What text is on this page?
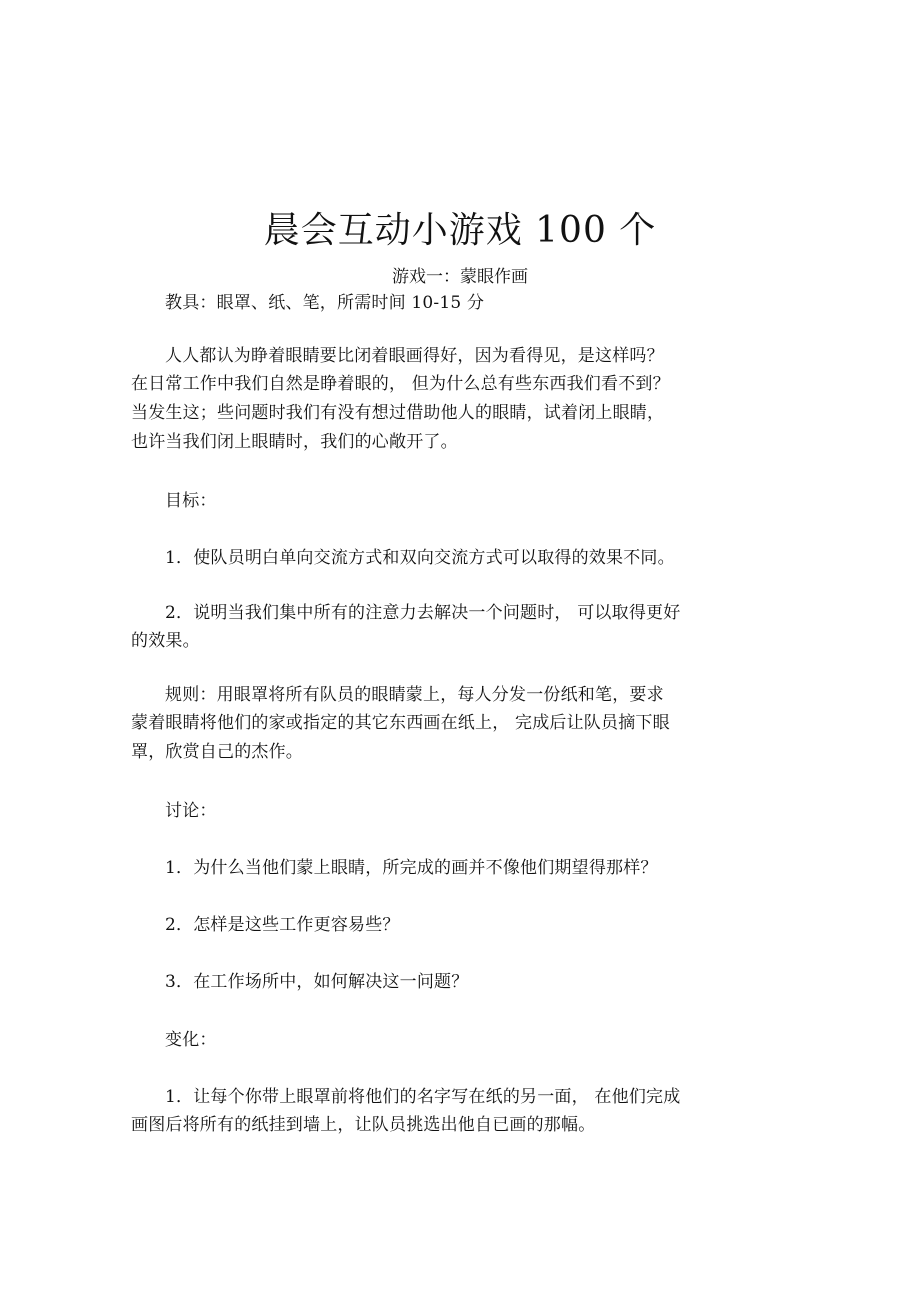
晨会互动小游戏 100 个
游戏一：蒙眼作画
教具：眼罩、纸、笔，所需时间 10-15 分
人人都认为睁着眼睛要比闭着眼画得好，因为看得见，是这样吗？
在日常工作中我们自然是睁着眼的， 但为什么总有些东西我们看不到？
当发生这；些问题时我们有没有想过借助他人的眼睛，试着闭上眼睛，
也许当我们闭上眼睛时，我们的心敞开了。
目标：
1．使队员明白单向交流方式和双向交流方式可以取得的效果不同。
2．说明当我们集中所有的注意力去解决一个问题时， 可以取得更好
的效果。
规则：用眼罩将所有队员的眼睛蒙上，每人分发一份纸和笔，要求
蒙着眼睛将他们的家或指定的其它东西画在纸上， 完成后让队员摘下眼
罩，欣赏自己的杰作。
讨论：
1．为什么当他们蒙上眼睛，所完成的画并不像他们期望得那样？
2．怎样是这些工作更容易些？
3．在工作场所中，如何解决这一问题？
变化：
1．让每个你带上眼罩前将他们的名字写在纸的另一面， 在他们完成
画图后将所有的纸挂到墙上，让队员挑选出他自已画的那幅。
